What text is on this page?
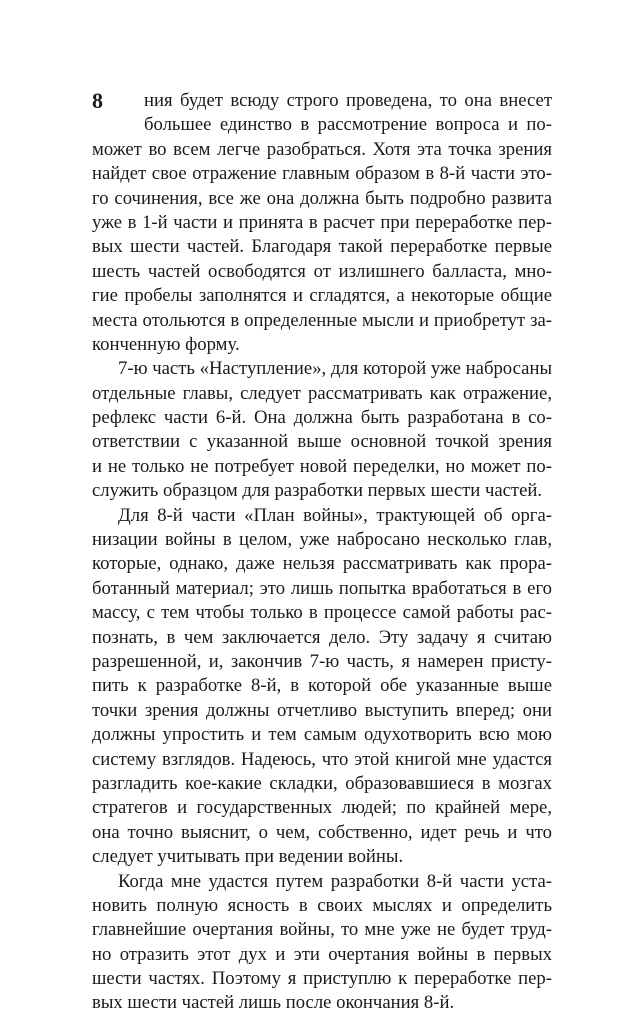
8 ния будет всюду строго проведена, то она внесет
большее единство в рассмотрение вопроса и по-
может во всем легче разобраться. Хотя эта точка зрения
найдет свое отражение главным образом в 8-й части это-
го сочинения, все же она должна быть подробно развита
уже в 1-й части и принята в расчет при переработке пер-
вых шести частей. Благодаря такой переработке первые
шесть частей освободятся от излишнего балласта, мно-
гие пробелы заполнятся и сгладятся, а некоторые общие
места отольются в определенные мысли и приобретут за-
конченную форму.
7-ю часть «Наступление», для которой уже набросаны
отдельные главы, следует рассматривать как отражение,
рефлекс части 6-й. Она должна быть разработана в со-
ответствии с указанной выше основной точкой зрения
и не только не потребует новой переделки, но может по-
служить образцом для разработки первых шести частей.
Для 8-й части «План войны», трактующей об орга-
низации войны в целом, уже набросано несколько глав,
которые, однако, даже нельзя рассматривать как прора-
ботанный материал; это лишь попытка вработаться в его
массу, с тем чтобы только в процессе самой работы рас-
познать, в чем заключается дело. Эту задачу я считаю
разрешенной, и, закончив 7-ю часть, я намерен присту-
пить к разработке 8-й, в которой обе указанные выше
точки зрения должны отчетливо выступить вперед; они
должны упростить и тем самым одухотворить всю мою
систему взглядов. Надеюсь, что этой книгой мне удастся
разгладить кое-какие складки, образовавшиеся в мозгах
стратегов и государственных людей; по крайней мере,
она точно выяснит, о чем, собственно, идет речь и что
следует учитывать при ведении войны.
Когда мне удастся путем разработки 8-й части уста-
новить полную ясность в своих мыслях и определить
главнейшие очертания войны, то мне уже не будет труд-
но отразить этот дух и эти очертания войны в первых
шести частях. Поэтому я приступлю к переработке пер-
вых шести частей лишь после окончания 8-й.
